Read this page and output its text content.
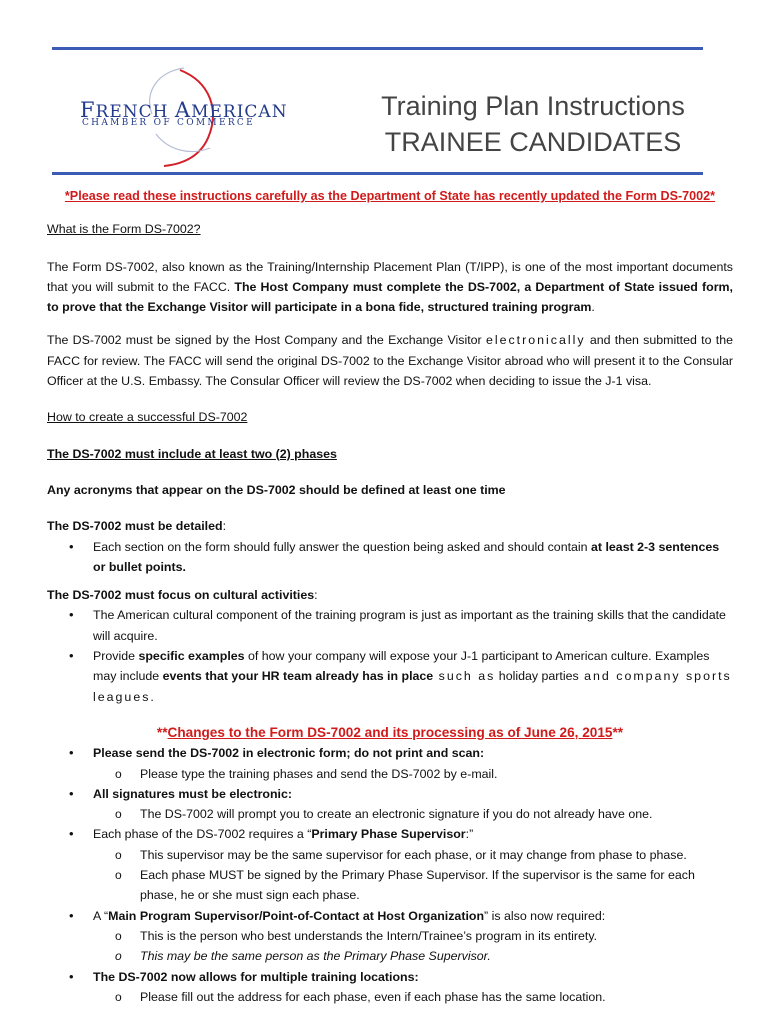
FRENCH AMERICAN
CHAMBER OF COMMERCE
Training Plan Instructions
TRAINEE CANDIDATES

*Please read these instructions carefully as the Department of State has recently updated the Form DS-7002*

What is the Form DS-7002?

The Form DS-7002, also known as the Training/Internship Placement Plan (T/IPP), is one of the most important documents that you will submit to the FACC. The Host Company must complete the DS-7002, a Department of State issued form, to prove that the Exchange Visitor will participate in a bona fide, structured training program.

The DS-7002 must be signed by the Host Company and the Exchange Visitor electronically and then submitted to the FACC for review. The FACC will send the original DS-7002 to the Exchange Visitor abroad who will present it to the Consular Officer at the U.S. Embassy. The Consular Officer will review the DS-7002 when deciding to issue the J-1 visa.

How to create a successful DS-7002

The DS-7002 must include at least two (2) phases

Any acronyms that appear on the DS-7002 should be defined at least one time

The DS-7002 must be detailed:

• Each section on the form should fully answer the question being asked and should contain at least 2-3 sentences or bullet points.

The DS-7002 must focus on cultural activities:

• The American cultural component of the training program is just as important as the training skills that the candidate will acquire.
• Provide specific examples of how your company will expose your J-1 participant to American culture. Examples may include events that your HR team already has in place such as holiday parties and company sports leagues.

**Changes to the Form DS-7002 and its processing as of June 26, 2015**

• Please send the DS-7002 in electronic form; do not print and scan:
o Please type the training phases and send the DS-7002 by e-mail.
• All signatures must be electronic:
o The DS-7002 will prompt you to create an electronic signature if you do not already have one.
• Each phase of the DS-7002 requires a “Primary Phase Supervisor:”
o This supervisor may be the same supervisor for each phase, or it may change from phase to phase.
o Each phase MUST be signed by the Primary Phase Supervisor. If the supervisor is the same for each phase, he or she must sign each phase.
• A “Main Program Supervisor/Point-of-Contact at Host Organization” is also now required:
o This is the person who best understands the Intern/Trainee’s program in its entirety.
o This may be the same person as the Primary Phase Supervisor.
• The DS-7002 now allows for multiple training locations:
o Please fill out the address for each phase, even if each phase has the same location.
